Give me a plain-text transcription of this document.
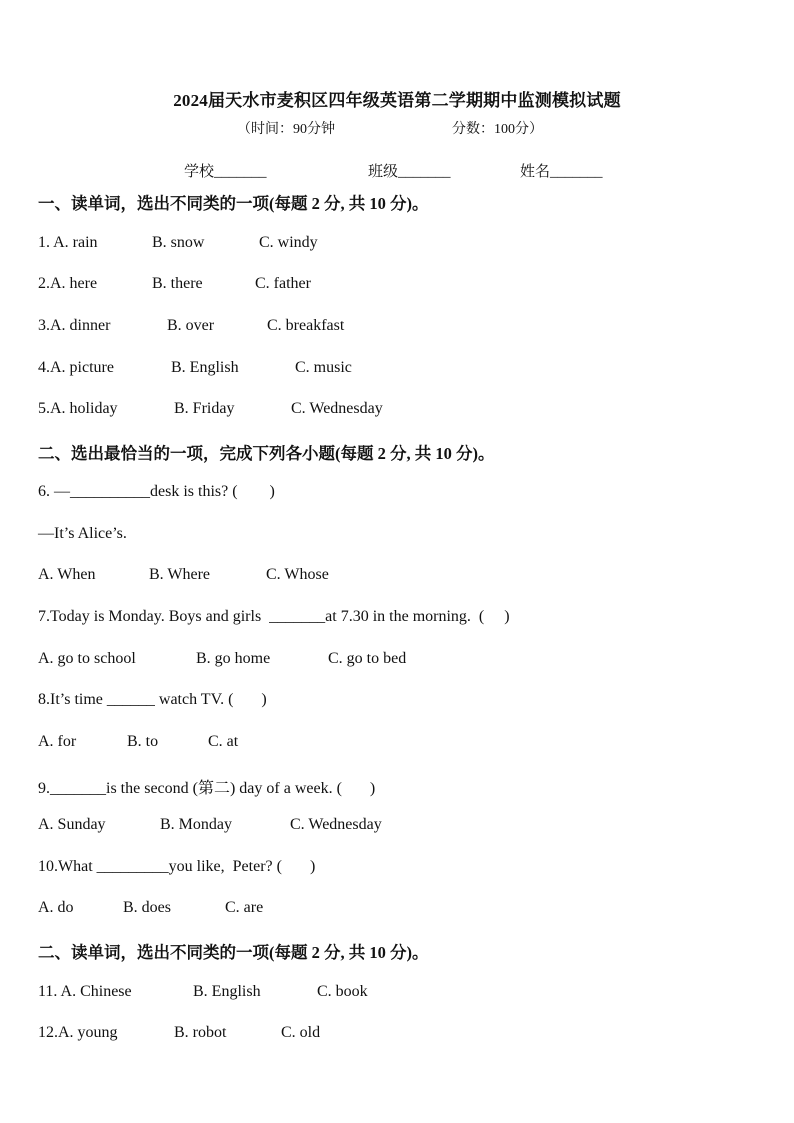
2024届天水市麦积区四年级英语第二学期期中监测模拟试题
（时间：90分钟	分数：100分）
学校_______	班级_______	姓名_______
一、读单词，选出不同类的一项(每题 2 分, 共 10 分)。
1. A. rain	B. snow	C. windy
2.A. here	B. there	C. father
3.A. dinner	B. over	C. breakfast
4.A. picture	B. English	C. music
5.A. holiday	B. Friday	C. Wednesday
二、选出最恰当的一项，完成下列各小题(每题 2 分, 共 10 分)。
6. —__________desk is this? (        )
—It’s Alice’s.
A. When	B. Where	C. Whose
7.Today is Monday. Boys and girls  _______at 7.30 in the morning.  (     )
A. go to school	B. go home	C. go to bed
8.It’s time ______ watch TV. (       )
A. for	B. to	C. at
9._______is the second (第二) day of a week. (       )
A. Sunday	B. Monday	C. Wednesday
10.What _________you like,  Peter? (       )
A. do	B. does	C. are
二、读单词，选出不同类的一项(每题 2 分, 共 10 分)。
11. A. Chinese	B. English	C. book
12.A. young	B. robot	C. old
